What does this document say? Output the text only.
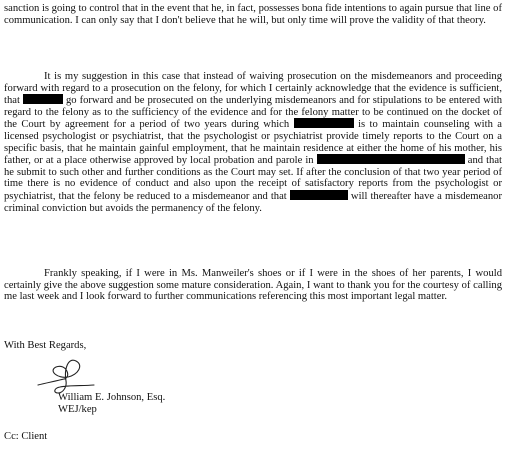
sanction is going to control that in the event that he, in fact, possesses bona fide intentions to again pursue that line of communication. I can only say that I don't believe that he will, but only time will prove the validity of that theory.

It is my suggestion in this case that instead of waiving prosecution on the misdemeanors and proceeding forward with regard to a prosecution on the felony, for which I certainly acknowledge that the evidence is sufficient, that	go forward and be prosecuted on the underlying misdemeanors and for stipulations to be entered with regard to the felony as to the sufficiency of the evidence and for the felony matter to be continued on the docket of the Court by agreement for a period of two years during which	is to maintain counseling with a licensed psychologist or psychiatrist, that the psychologist or psychiatrist provide timely reports to the Court on a specific basis, that he maintain gainful employment, that he maintain residence at either the home of his mother, his father, or at a place otherwise approved by local probation and parole in	and that he submit to such other and further conditions as the Court may set. If after the conclusion of that two year period of time there is no evidence of conduct and also upon the receipt of satisfactory reports from the psychologist or psychiatrist, that the felony be reduced to a misdemeanor and that	will thereafter have a misdemeanor criminal conviction but avoids the permanency of the felony.

Frankly speaking, if I were in Ms. Manweiler's shoes or if I were in the shoes of her parents, I would certainly give the above suggestion some mature consideration. Again, I want to thank you for the courtesy of calling me last week and I look forward to further communications referencing this most important legal matter.

With Best Regards,

William E. Johnson, Esq.

WEJ/kep

Cc: Client
